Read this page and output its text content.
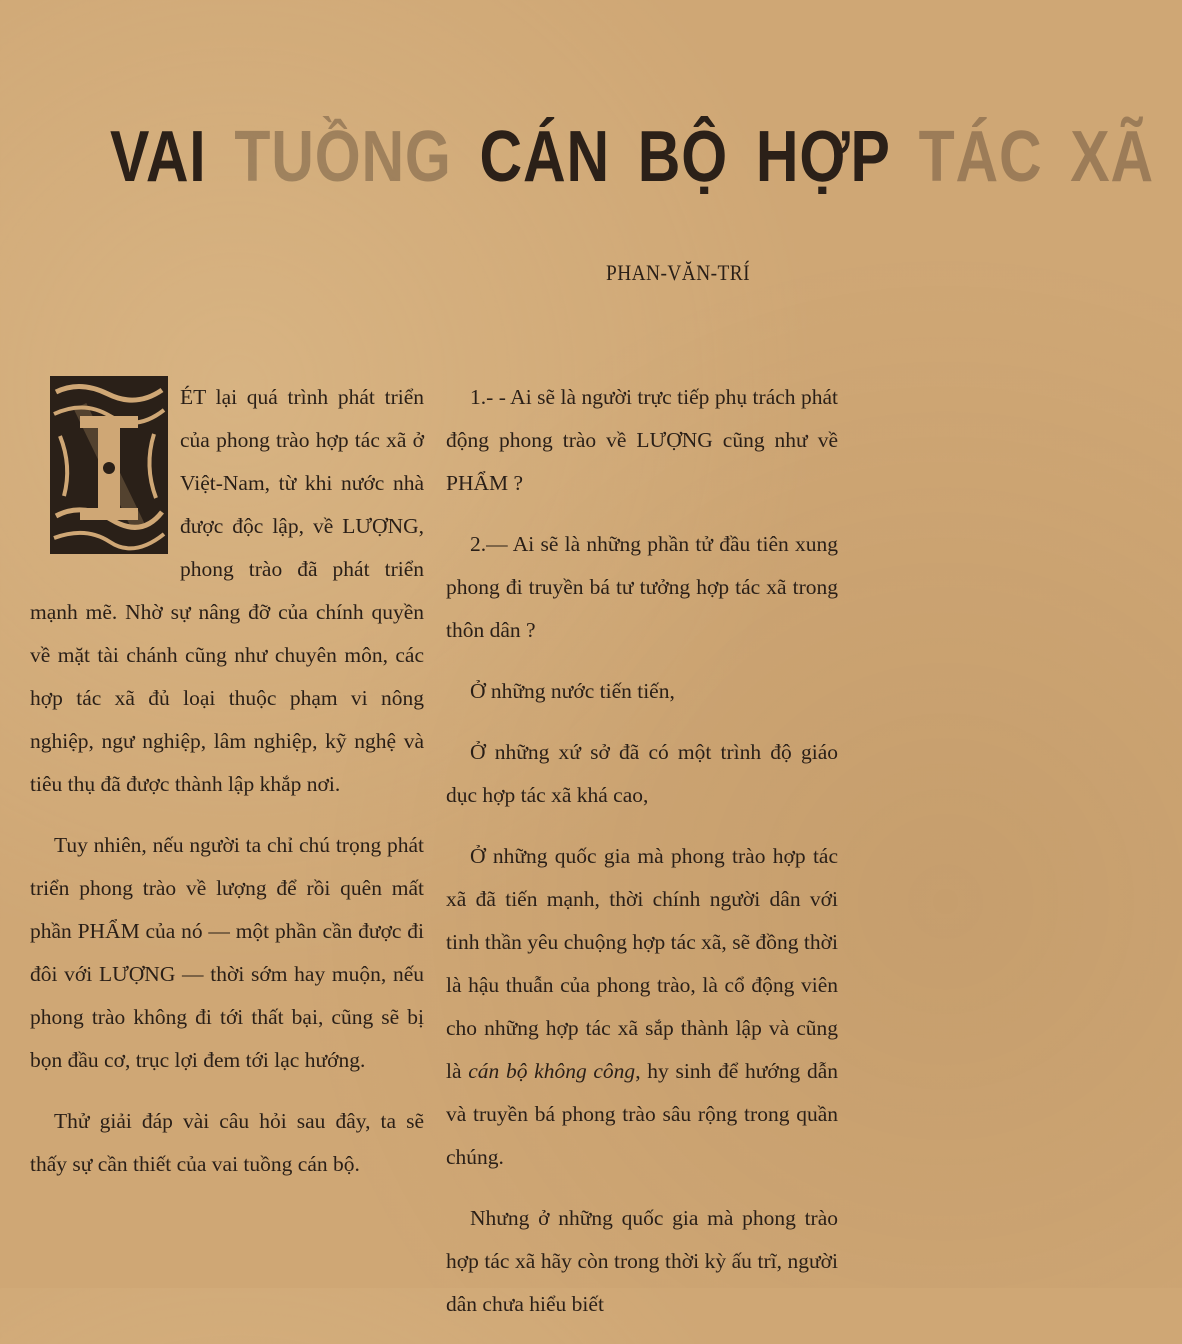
VAI TUỒNG CÁN BỘ HỢP TÁC XÃ
PHAN-VĂN-TRÍ

ÉT lại quá trình phát triển của phong trào hợp tác xã ở Việt-Nam, từ khi nước nhà được độc lập, về LƯỢNG, phong trào đã phát triển mạnh mẽ. Nhờ sự nâng đỡ của chính quyền về mặt tài chánh cũng như chuyên môn, các hợp tác xã đủ loại thuộc phạm vi nông nghiệp, ngư nghiệp, lâm nghiệp, kỹ nghệ và tiêu thụ đã được thành lập khắp nơi.

Tuy nhiên, nếu người ta chỉ chú trọng phát triển phong trào về lượng để rồi quên mất phần PHẨM của nó — một phần cần được đi đôi với LƯỢNG — thời sớm hay muộn, nếu phong trào không đi tới thất bại, cũng sẽ bị bọn đầu cơ, trục lợi đem tới lạc hướng.

Thử giải đáp vài câu hỏi sau đây, ta sẽ thấy sự cần thiết của vai tuồng cán bộ.

1.- - Ai sẽ là người trực tiếp phụ trách phát động phong trào về LƯỢNG cũng như về PHẨM ?

2.— Ai sẽ là những phần tử đầu tiên xung phong đi truyền bá tư tưởng hợp tác xã trong thôn dân ?

Ở những nước tiến tiến,

Ở những xứ sở đã có một trình độ giáo dục hợp tác xã khá cao,

Ở những quốc gia mà phong trào hợp tác xã đã tiến mạnh, thời chính người dân với tinh thần yêu chuộng hợp tác xã, sẽ đồng thời là hậu thuẫn của phong trào, là cổ động viên cho những hợp tác xã sắp thành lập và cũng là cán bộ không công, hy sinh để hướng dẫn và truyền bá phong trào sâu rộng trong quần chúng.

Nhưng ở những quốc gia mà phong trào hợp tác xã hãy còn trong thời kỳ ấu trĩ, người dân chưa hiểu biết
